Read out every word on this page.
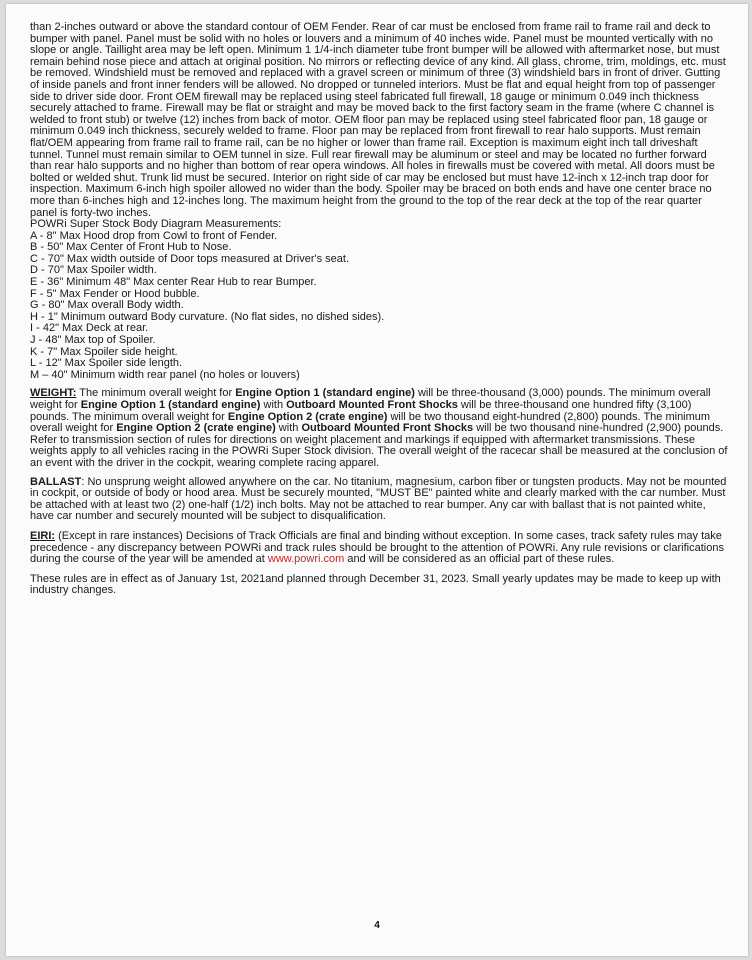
than 2-inches outward or above the standard contour of OEM Fender. Rear of car must be enclosed from frame rail to frame rail and deck to bumper with panel. Panel must be solid with no holes or louvers and a minimum of 40 inches wide. Panel must be mounted vertically with no slope or angle. Taillight area may be left open. Minimum 1 1/4-inch diameter tube front bumper will be allowed with aftermarket nose, but must remain behind nose piece and attach at original position. No mirrors or reflecting device of any kind. All glass, chrome, trim, moldings, etc. must be removed. Windshield must be removed and replaced with a gravel screen or minimum of three (3) windshield bars in front of driver. Gutting of inside panels and front inner fenders will be allowed. No dropped or tunneled interiors. Must be flat and equal height from top of passenger side to driver side door. Front OEM firewall may be replaced using steel fabricated full firewall, 18 gauge or minimum 0.049 inch thickness securely attached to frame. Firewall may be flat or straight and may be moved back to the first factory seam in the frame (where C channel is welded to front stub) or twelve (12) inches from back of motor. OEM floor pan may be replaced using steel fabricated floor pan, 18 gauge or minimum 0.049 inch thickness, securely welded to frame. Floor pan may be replaced from front firewall to rear halo supports. Must remain flat/OEM appearing from frame rail to frame rail, can be no higher or lower than frame rail. Exception is maximum eight inch tall driveshaft tunnel. Tunnel must remain similar to OEM tunnel in size. Full rear firewall may be aluminum or steel and may be located no further forward than rear halo supports and no higher than bottom of rear opera windows. All holes in firewalls must be covered with metal. All doors must be bolted or welded shut. Trunk lid must be secured. Interior on right side of car may be enclosed but must have 12-inch x 12-inch trap door for inspection. Maximum 6-inch high spoiler allowed no wider than the body. Spoiler may be braced on both ends and have one center brace no more than 6-inches high and 12-inches long. The maximum height from the ground to the top of the rear deck at the top of the rear quarter panel is forty-two inches.

POWRi Super Stock Body Diagram Measurements:
A - 8" Max Hood drop from Cowl to front of Fender.
B - 50" Max Center of Front Hub to Nose.
C - 70" Max width outside of Door tops measured at Driver's seat.
D - 70" Max Spoiler width.
E - 36" Minimum 48" Max center Rear Hub to rear Bumper.
F - 5" Max Fender or Hood bubble.
G - 80" Max overall Body width.
H - 1" Minimum outward Body curvature. (No flat sides, no dished sides).
I - 42" Max Deck at rear.
J - 48" Max top of Spoiler.
K - 7" Max Spoiler side height.
L - 12" Max Spoiler side length.
M – 40" Minimum width rear panel (no holes or louvers)

WEIGHT: The minimum overall weight for Engine Option 1 (standard engine) will be three-thousand (3,000) pounds. The minimum overall weight for Engine Option 1 (standard engine) with Outboard Mounted Front Shocks will be three-thousand one hundred fifty (3,100) pounds. The minimum overall weight for Engine Option 2 (crate engine) will be two thousand eight-hundred (2,800) pounds. The minimum overall weight for Engine Option 2 (crate engine) with Outboard Mounted Front Shocks will be two thousand nine-hundred (2,900) pounds. Refer to transmission section of rules for directions on weight placement and markings if equipped with aftermarket transmissions. These weights apply to all vehicles racing in the POWRi Super Stock division. The overall weight of the racecar shall be measured at the conclusion of an event with the driver in the cockpit, wearing complete racing apparel.

BALLAST: No unsprung weight allowed anywhere on the car. No titanium, magnesium, carbon fiber or tungsten products. May not be mounted in cockpit, or outside of body or hood area. Must be securely mounted, "MUST BE" painted white and clearly marked with the car number. Must be attached with at least two (2) one-half (1/2) inch bolts. May not be attached to rear bumper. Any car with ballast that is not painted white, have car number and securely mounted will be subject to disqualification.

EIRI: (Except in rare instances) Decisions of Track Officials are final and binding without exception. In some cases, track safety rules may take precedence - any discrepancy between POWRi and track rules should be brought to the attention of POWRi. Any rule revisions or clarifications during the course of the year will be amended at www.powri.com and will be considered as an official part of these rules.

These rules are in effect as of January 1st, 2021and planned through December 31, 2023. Small yearly updates may be made to keep up with industry changes.

4
